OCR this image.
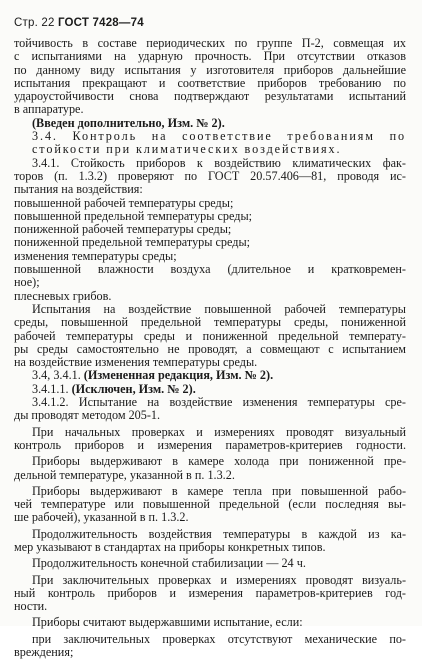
Стр. 22 ГОСТ 7428—74
тойчивость в составе периодических по группе П-2, совмещая их
с испытаниями на ударную прочность. При отсутствии отказов
по данному виду испытания у изготовителя приборов дальнейшие
испытания прекращают и соответствие приборов требованию по
удароустойчивости снова подтверждают результатами испытаний
в аппаратуре.
(Введен дополнительно, Изм. № 2).
3.4. Контроль на соответствие требованиям по
стойкости при климатических воздействиях.
3.4.1. Стойкость приборов к воздействию климатических фак-
торов (п. 1.3.2) проверяют по ГОСТ 20.57.406—81, проводя ис-
пытания на воздействия:
повышенной рабочей температуры среды;
повышенной предельной температуры среды;
пониженной рабочей температуры среды;
пониженной предельной температуры среды;
изменения температуры среды;
повышенной влажности воздуха (длительное и кратковремен-
ное);
плесневых грибов.
Испытания на воздействие повышенной рабочей температуры
среды, повышенной предельной температуры среды, пониженной
рабочей температуры среды и пониженной предельной температу-
ры среды самостоятельно не проводят, а совмещают с испытанием
на воздействие изменения температуры среды.
3.4, 3.4.1. (Измененная редакция, Изм. № 2).
3.4.1.1. (Исключен, Изм. № 2).
3.4.1.2. Испытание на воздействие изменения температуры сре-
ды проводят методом 205-1.
При начальных проверках и измерениях проводят визуальный
контроль приборов и измерения параметров-критериев годности.
Приборы выдерживают в камере холода при пониженной пре-
дельной температуре, указанной в п. 1.3.2.
Приборы выдерживают в камере тепла при повышенной рабо-
чей температуре или повышенной предельной (если последняя вы-
ше рабочей), указанной в п. 1.3.2.
Продолжительность воздействия температуры в каждой из ка-
мер указывают в стандартах на приборы конкретных типов.
Продолжительность конечной стабилизации — 24 ч.
При заключительных проверках и измерениях проводят визуаль-
ный контроль приборов и измерения параметров-критериев год-
ности.
Приборы считают выдержавшими испытание, если:
при заключительных проверках отсутствуют механические по-
вреждения;
